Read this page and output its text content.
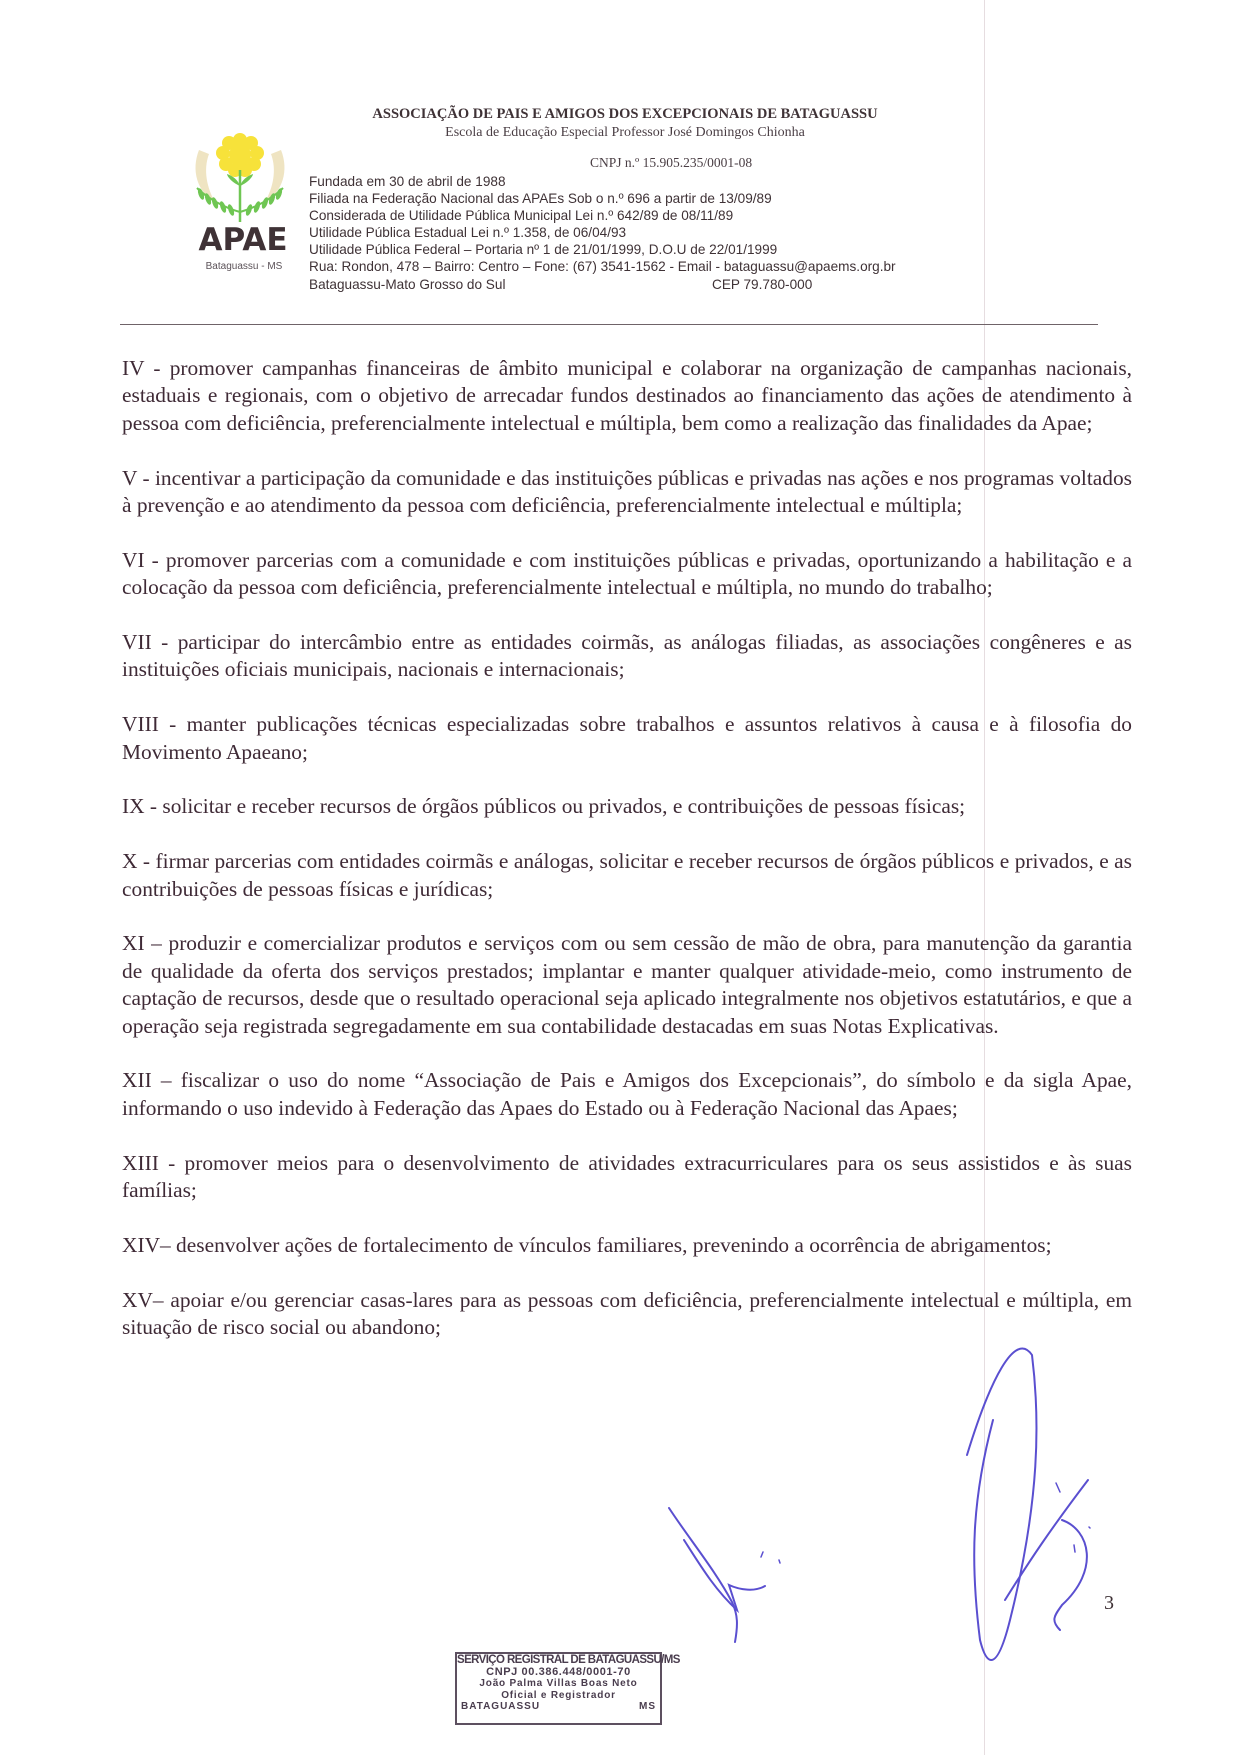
APAE
Bataguassu - MS
ASSOCIAÇÃO DE PAIS E AMIGOS DOS EXCEPCIONAIS DE BATAGUASSU
Escola de Educação Especial Professor José Domingos Chionha
CNPJ n.º 15.905.235/0001-08
Fundada em 30 de abril de 1988
Filiada na Federação Nacional das APAEs Sob o n.º 696 a partir de 13/09/89
Considerada de Utilidade Pública Municipal Lei n.º 642/89 de 08/11/89
Utilidade Pública Estadual Lei n.º 1.358, de 06/04/93
Utilidade Pública Federal – Portaria nº 1 de 21/01/1999, D.O.U de 22/01/1999
Rua: Rondon, 478 – Bairro: Centro – Fone: (67) 3541-1562 - Email - bataguassu@apaems.org.br
Bataguassu-Mato Grosso do Sul	CEP 79.780-000

IV - promover campanhas financeiras de âmbito municipal e colaborar na organização de campanhas nacionais, estaduais e regionais, com o objetivo de arrecadar fundos destinados ao financiamento das ações de atendimento à pessoa com deficiência, preferencialmente intelectual e múltipla, bem como a realização das finalidades da Apae;

V - incentivar a participação da comunidade e das instituições públicas e privadas nas ações e nos programas voltados à prevenção e ao atendimento da pessoa com deficiência, preferencialmente intelectual e múltipla;

VI - promover parcerias com a comunidade e com instituições públicas e privadas, oportunizando a habilitação e a colocação da pessoa com deficiência, preferencialmente intelectual e múltipla, no mundo do trabalho;

VII - participar do intercâmbio entre as entidades coirmãs, as análogas filiadas, as associações congêneres e as instituições oficiais municipais, nacionais e internacionais;

VIII - manter publicações técnicas especializadas sobre trabalhos e assuntos relativos à causa e à filosofia do Movimento Apaeano;

IX - solicitar e receber recursos de órgãos públicos ou privados, e contribuições de pessoas físicas;

X - firmar parcerias com entidades coirmãs e análogas, solicitar e receber recursos de órgãos públicos e privados, e as contribuições de pessoas físicas e jurídicas;

XI – produzir e comercializar produtos e serviços com ou sem cessão de mão de obra, para manutenção da garantia de qualidade da oferta dos serviços prestados; implantar e manter qualquer atividade-meio, como instrumento de captação de recursos, desde que o resultado operacional seja aplicado integralmente nos objetivos estatutários, e que a operação seja registrada segregadamente em sua contabilidade destacadas em suas Notas Explicativas.

XII – fiscalizar o uso do nome “Associação de Pais e Amigos dos Excepcionais”, do símbolo e da sigla Apae, informando o uso indevido à Federação das Apaes do Estado ou à Federação Nacional das Apaes;

XIII - promover meios para o desenvolvimento de atividades extracurriculares para os seus assistidos e às suas famílias;

XIV– desenvolver ações de fortalecimento de vínculos familiares, prevenindo a ocorrência de abrigamentos;

XV– apoiar e/ou gerenciar casas-lares para as pessoas com deficiência, preferencialmente intelectual e múltipla, em situação de risco social ou abandono;

3
SERVIÇO REGISTRAL DE BATAGUASSU/MS
CNPJ 00.386.448/0001-70
João Palma Villas Boas Neto
Oficial e Registrador
BATAGUASSU	MS
